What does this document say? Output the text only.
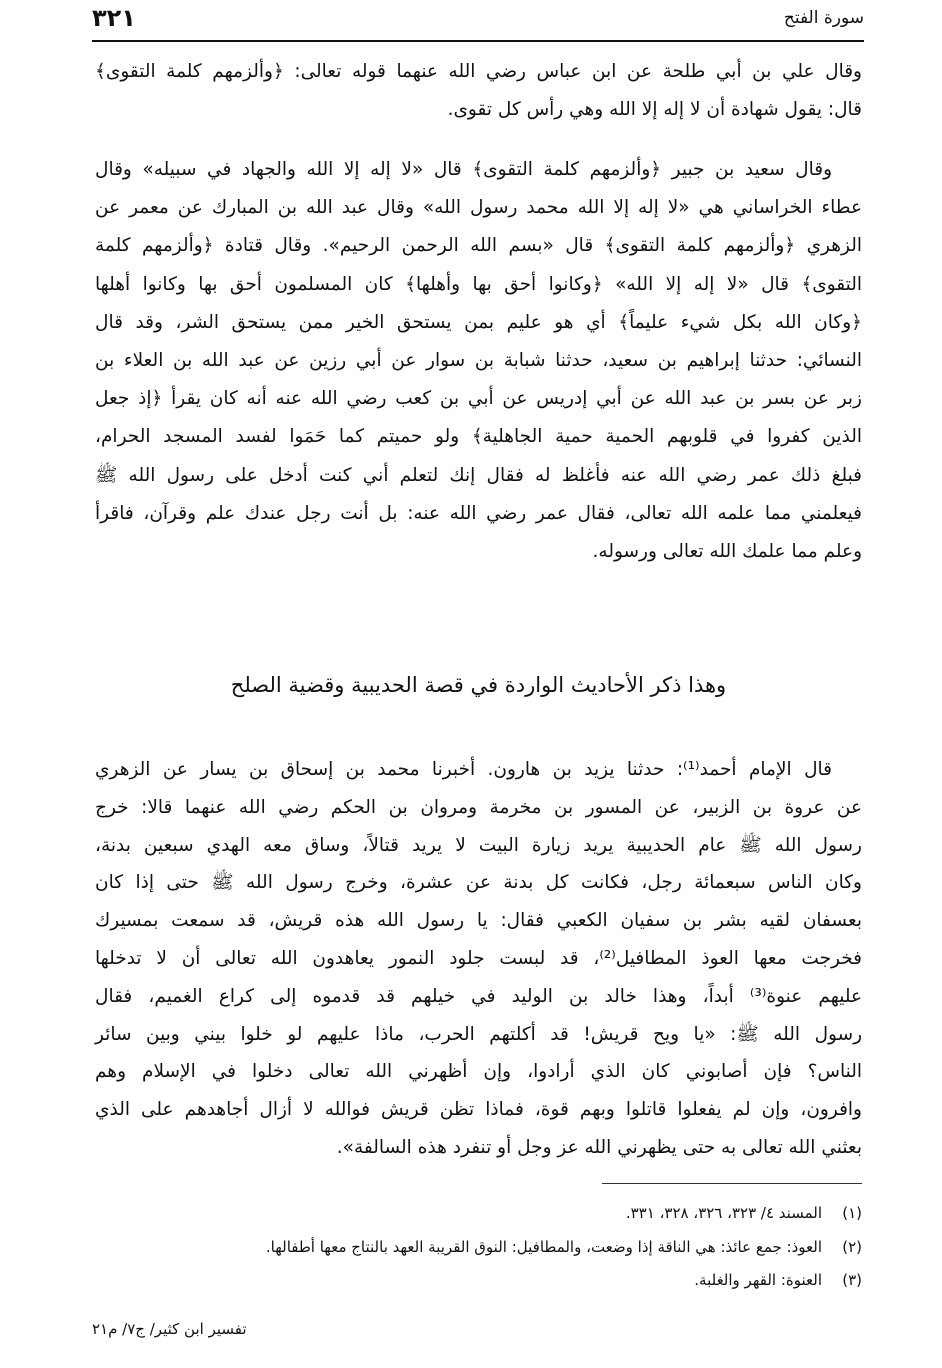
٣٢١	سورة الفتح
وقال علي بن أبي طلحة عن ابن عباس رضي الله عنهما قوله تعالى: ﴿وألزمهم كلمة التقوى﴾
قال: يقول شهادة أن لا إله إلا الله وهي رأس كل تقوى.
وقال سعيد بن جبير ﴿وألزمهم كلمة التقوى﴾ قال «لا إله إلا الله والجهاد في سبيله» وقال
عطاء الخراساني هي «لا إله إلا الله محمد رسول الله» وقال عبد الله بن المبارك عن معمر عن
الزهري ﴿وألزمهم كلمة التقوى﴾ قال «بسم الله الرحمن الرحيم». وقال قتادة ﴿وألزمهم كلمة
التقوى﴾ قال «لا إله إلا الله» ﴿وكانوا أحق بها وأهلها﴾ كان المسلمون أحق بها وكانوا أهلها
﴿وكان الله بكل شيء عليماً﴾ أي هو عليم بمن يستحق الخير ممن يستحق الشر، وقد قال
النسائي: حدثنا إبراهيم بن سعيد، حدثنا شبابة بن سوار عن أبي رزين عن عبد الله بن العلاء بن
زبر عن بسر بن عبد الله عن أبي إدريس عن أبي بن كعب رضي الله عنه أنه كان يقرأ ﴿إذ جعل
الذين كفروا في قلوبهم الحمية حمية الجاهلية﴾ ولو حميتم كما حَمَوا لفسد المسجد الحرام،
فبلغ ذلك عمر رضي الله عنه فأغلظ له فقال إنك لتعلم أني كنت أدخل على رسول الله ﷺ
فيعلمني مما علمه الله تعالى، فقال عمر رضي الله عنه: بل أنت رجل عندك علم وقرآن، فاقرأ
وعلم مما علمك الله تعالى ورسوله.
قال الإمام أحمد⁽¹⁾: حدثنا يزيد بن هارون. أخبرنا محمد بن إسحاق بن يسار عن الزهري
عن عروة بن الزبير، عن المسور بن مخرمة ومروان بن الحكم رضي الله عنهما قالا: خرج
رسول الله ﷺ عام الحديبية يريد زيارة البيت لا يريد قتالاً، وساق معه الهدي سبعين بدنة،
وكان الناس سبعمائة رجل، فكانت كل بدنة عن عشرة، وخرج رسول الله ﷺ حتى إذا كان
بعسفان لقيه بشر بن سفيان الكعبي فقال: يا رسول الله هذه قريش، قد سمعت بمسيرك
فخرجت معها العوذ المطافيل⁽²⁾، قد لبست جلود النمور يعاهدون الله تعالى أن لا تدخلها
عليهم عنوة⁽³⁾ أبداً، وهذا خالد بن الوليد في خيلهم قد قدموه إلى كراع الغميم، فقال
رسول الله ﷺ: «يا ويح قريش! قد أكلتهم الحرب، ماذا عليهم لو خلوا بيني وبين سائر
الناس؟ فإن أصابوني كان الذي أرادوا، وإن أظهرني الله تعالى دخلوا في الإسلام وهم
وافرون، وإن لم يفعلوا قاتلوا وبهم قوة، فماذا تظن قريش فوالله لا أزال أجاهدهم على الذي
بعثني الله تعالى به حتى يظهرني الله عز وجل أو تنفرد هذه السالفة».
وهذا ذكر الأحاديث الواردة في قصة الحديبية وقضية الصلح
(١)المسند ٤/ ٣٢٣، ٣٢٦، ٣٢٨، ٣٣١.
(٢)العوذ: جمع عائذ: هي الناقة إذا وضعت، والمطافيل: النوق القريبة العهد بالنتاج معها أطفالها.
(٣)العنوة: القهر والغلبة.
تفسير ابن كثير/ ج٧/ م٢١
